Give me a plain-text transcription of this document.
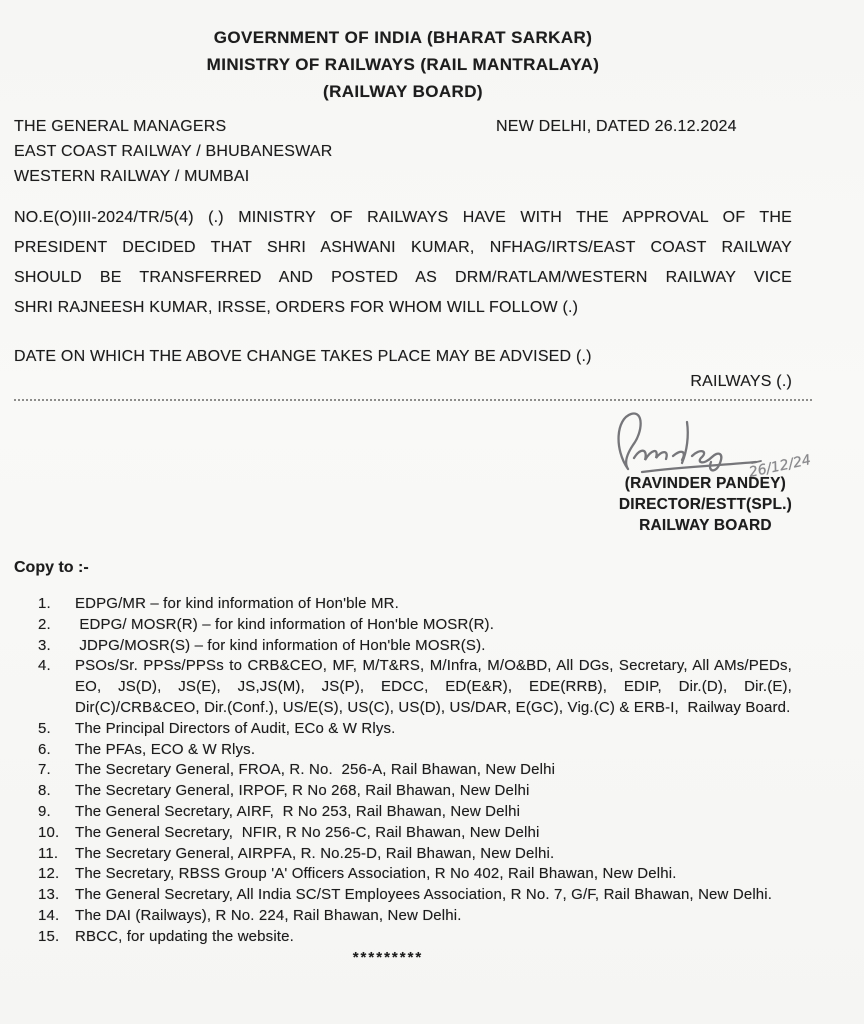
GOVERNMENT OF INDIA (BHARAT SARKAR)
MINISTRY OF RAILWAYS (RAIL MANTRALAYA)
(RAILWAY BOARD)
THE GENERAL MANAGERS
EAST COAST RAILWAY / BHUBANESWAR
WESTERN RAILWAY / MUMBAI
NEW DELHI, DATED 26.12.2024
NO.E(O)III-2024/TR/5(4) (.) MINISTRY OF RAILWAYS HAVE WITH THE APPROVAL OF THE
PRESIDENT DECIDED THAT SHRI ASHWANI KUMAR, NFHAG/IRTS/EAST COAST RAILWAY
SHOULD BE TRANSFERRED AND POSTED AS DRM/RATLAM/WESTERN RAILWAY VICE
SHRI RAJNEESH KUMAR, IRSSE, ORDERS FOR WHOM WILL FOLLOW (.)
DATE ON WHICH THE ABOVE CHANGE TAKES PLACE MAY BE ADVISED (.)
RAILWAYS (.)
26/12/24
(RAVINDER PANDEY)
DIRECTOR/ESTT(SPL.)
RAILWAY BOARD
Copy to :-
1.	EDPG/MR – for kind information of Hon'ble MR.
2.	EDPG/ MOSR(R) – for kind information of Hon'ble MOSR(R).
3.	JDPG/MOSR(S) – for kind information of Hon'ble MOSR(S).
4.	PSOs/Sr. PPSs/PPSs to CRB&CEO, MF, M/T&RS, M/Infra, M/O&BD, All DGs, Secretary, All AMs/PEDs, EO, JS(D), JS(E), JS,JS(M), JS(P), EDCC, ED(E&R), EDE(RRB), EDIP, Dir.(D), Dir.(E), Dir(C)/CRB&CEO, Dir.(Conf.), US/E(S), US(C), US(D), US/DAR, E(GC), Vig.(C) & ERB-I,  Railway Board.
5.	The Principal Directors of Audit, ECo & W Rlys.
6.	The PFAs, ECO & W Rlys.
7.	The Secretary General, FROA, R. No.  256-A, Rail Bhawan, New Delhi
8.	The Secretary General, IRPOF, R No 268, Rail Bhawan, New Delhi
9.	The General Secretary, AIRF,  R No 253, Rail Bhawan, New Delhi
10.	The General Secretary,  NFIR, R No 256-C, Rail Bhawan, New Delhi
11.	The Secretary General, AIRPFA, R. No.25-D, Rail Bhawan, New Delhi.
12.	The Secretary, RBSS Group 'A' Officers Association, R No 402, Rail Bhawan, New Delhi.
13.	The General Secretary, All India SC/ST Employees Association, R No. 7, G/F, Rail Bhawan, New Delhi.
14.	The DAI (Railways), R No. 224, Rail Bhawan, New Delhi.
15.	RBCC, for updating the website.
*********
